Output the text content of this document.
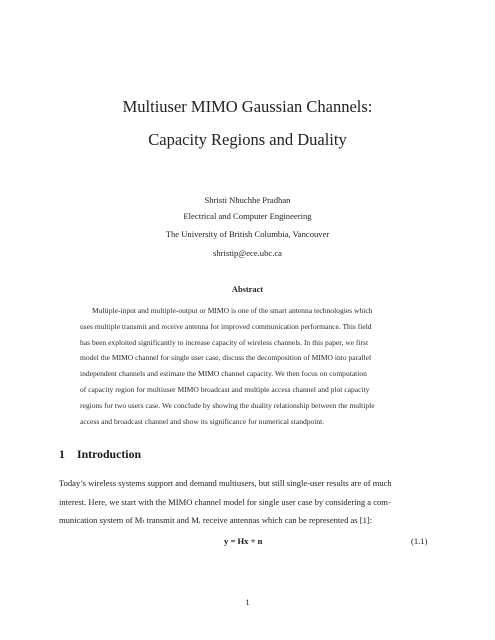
Multiuser MIMO Gaussian Channels:
Capacity Regions and Duality
Shristi Nhuchhe Pradhan
Electrical and Computer Engineering
The University of British Columbia, Vancouver
shristip@ece.ubc.ca
Abstract
Multiple-input and multiple-output or MIMO is one of the smart antenna technologies which
uses multiple transmit and receive antenna for improved communication performance. This field
has been exploited significantly to increase capacity of wireless channels. In this paper, we first
model the MIMO channel for single user case, discuss the decomposition of MIMO into parallel
independent channels and estimate the MIMO channel capacity. We then focus on computation
of capacity region for multiuser MIMO broadcast and multiple access channel and plot capacity
regions for two users case. We conclude by showing the duality relationship between the multiple
access and broadcast channel and show its significance for numerical standpoint.
1 Introduction
Today’s wireless systems support and demand multiusers, but still single-user results are of much
interest. Here, we start with the MIMO channel model for single user case by considering a com-
munication system of Mₜ transmit and Mᵣ receive antennas which can be represented as [1]:
y = Hx + n	(1.1)
1
